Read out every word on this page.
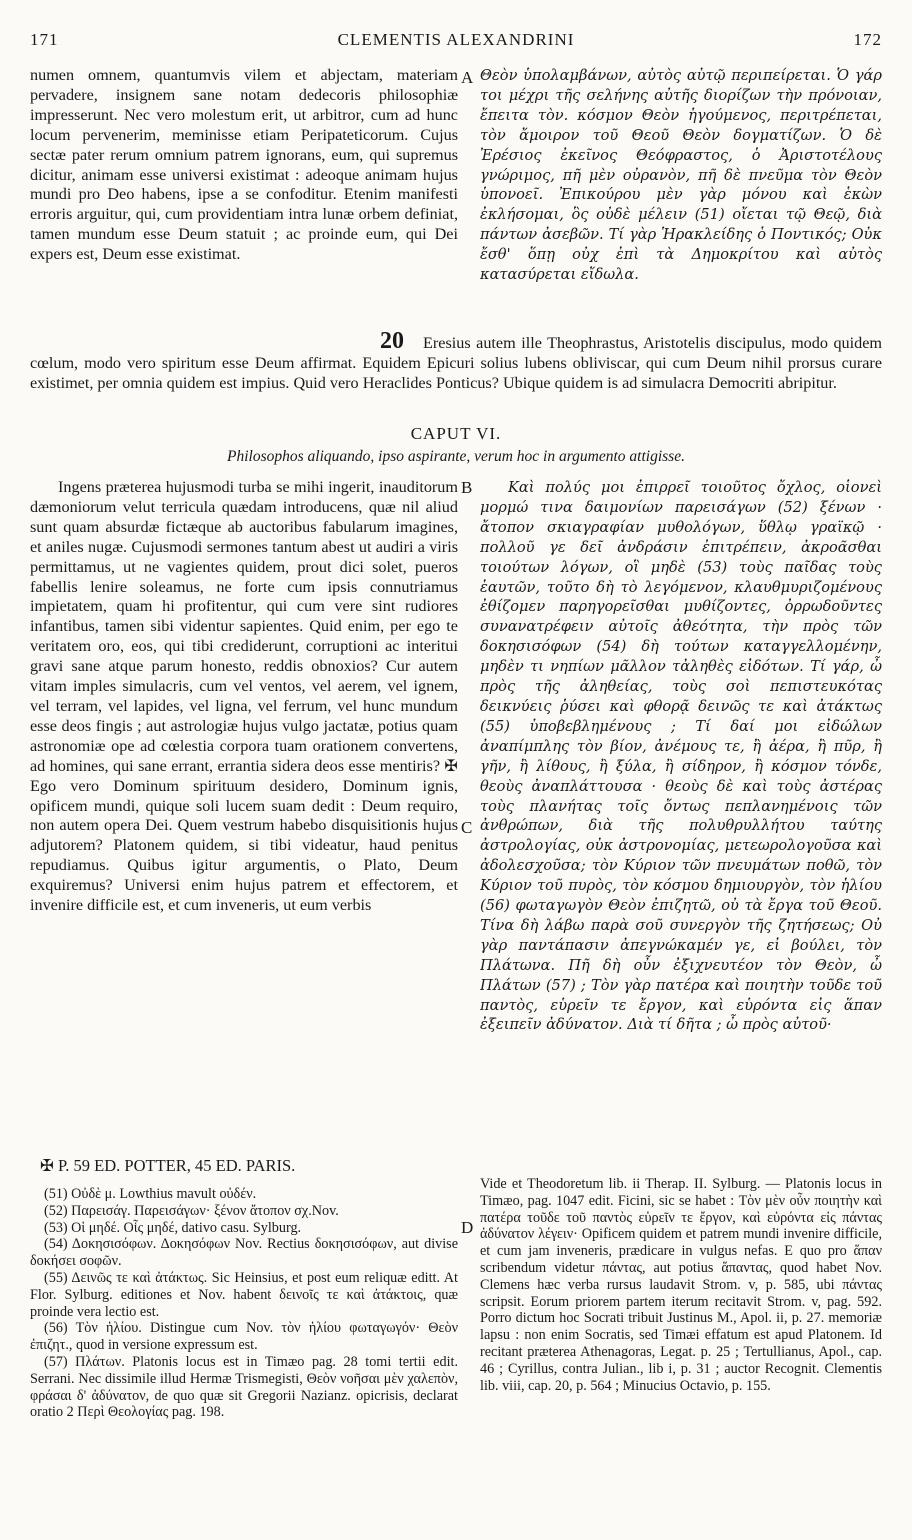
171	CLEMENTIS ALEXANDRINI	172

numen omnem, quantumvis vilem et abjectam, materiam pervadere, insignem sane notam dedecoris philosophiæ impresserunt. Nec vero molestum erit, ut arbitror, cum ad hunc locum pervenerim, meminisse etiam Peripateticorum. Cujus sectæ pater rerum omnium patrem ignorans, eum, qui supremus dicitur, animam esse universi existimat : adeoque animam hujus mundi pro Deo habens, ipse a se confoditur. Etenim manifesti erroris arguitur, qui, cum providentiam intra lunæ orbem definiat, tamen mundum esse Deum statuit ; ac proinde eum, qui Dei expers est, Deum esse existimat.

A Θεὸν ὑπολαμβάνων, αὐτὸς αὑτῷ περιπείρεται. Ὁ γάρ τοι μέχρι τῆς σελήνης αὐτῆς διορίζων τὴν πρόνοιαν, ἔπειτα τὸν. κόσμον Θεὸν ἡγούμενος, περιτρέπεται, τὸν ἄμοιρον τοῦ Θεοῦ Θεὸν δογματίζων. Ὁ δὲ Ἐρέσιος ἐκεῖνος Θεόφραστος, ὁ Ἀριστοτέλους γνώριμος, πῆ μὲν οὐρανὸν, πῆ δὲ πνεῦμα τὸν Θεὸν ὑπονοεῖ. Ἐπικούρου μὲν γὰρ μόνου καὶ ἑκὼν ἐκλήσομαι, ὃς οὐδὲ μέλειν (51) οἴεται τῷ Θεῷ, διὰ πάντων ἀσεβῶν. Τί γὰρ Ἡρακλείδης ὁ Ποντικός; Οὐκ ἔσθ' ὅπῃ οὐχ ἐπὶ τὰ Δημοκρίτου καὶ αὐτὸς κατασύρεται εἴδωλα.

20	Eresius autem ille Theophrastus, Aristotelis discipulus, modo quidem cœlum, modo vero spiritum esse Deum affirmat. Equidem Epicuri solius lubens obliviscar, qui cum Deum nihil prorsus curare existimet, per omnia quidem est impius. Quid vero Heraclides Ponticus? Ubique quidem is ad simulacra Democriti abripitur.

CAPUT VI.
Philosophos aliquando, ipso aspirante, verum hoc in argumento attigisse.

Ingens præterea hujusmodi turba se mihi ingerit, inauditorum dæmoniorum velut terricula quædam introducens, quæ nil aliud sunt quam absurdæ fictæque ab auctoribus fabularum imagines, et aniles nugæ. Cujusmodi sermones tantum abest ut audiri a viris permittamus, ut ne vagientes quidem, prout dici solet, pueros fabellis lenire soleamus, ne forte cum ipsis connutriamus impietatem, quam hi profitentur, qui cum vere sint rudiores infantibus, tamen sibi videntur sapientes. Quid enim, per ego te veritatem oro, eos, qui tibi crediderunt, corruptioni ac interitui gravi sane atque parum honesto, reddis obnoxios? Cur autem vitam imples simulacris, cum vel ventos, vel aerem, vel ignem, vel terram, vel lapides, vel ligna, vel ferrum, vel hunc mundum esse deos fingis ; aut astrologiæ hujus vulgo jactatæ, potius quam astronomiæ ope ad cœlestia corpora tuam orationem convertens, ad homines, qui sane errant, errantia sidera deos esse mentiris? ✠ Ego vero Dominum spirituum desidero, Dominum ignis, opificem mundi, quique soli lucem suam dedit : Deum requiro, non autem opera Dei. Quem vestrum habebo disquisitionis hujus adjutorem? Platonem quidem, si tibi videatur, haud penitus repudiamus. Quibus igitur argumentis, o Plato, Deum exquiremus? Universi enim hujus patrem et effectorem, et invenire difficile est, et cum inveneris, ut eum verbis

B
C

Καὶ πολύς μοι ἐπιρρεῖ τοιοῦτος ὄχλος, οἱονεὶ μορμώ τινα δαιμονίων παρεισάγων (52) ξένων · ἄτοπον σκιαγραφίαν μυθολόγων, ὕθλῳ γραϊκῷ · πολλοῦ γε δεῖ ἀνδράσιν ἐπιτρέπειν, ἀκροᾶσθαι τοιούτων λόγων, οἳ μηδὲ (53) τοὺς παῖδας τοὺς ἑαυτῶν, τοῦτο δὴ τὸ λεγόμενον, κλαυθμυριζομένους ἐθίζομεν παρηγορεῖσθαι μυθίζοντες, ὀρρωδοῦντες συνανατρέφειν αὐτοῖς ἀθεότητα, τὴν πρὸς τῶν δοκησισόφων (54) δὴ τούτων καταγγελλομένην, μηδὲν τι νηπίων μᾶλλον τἀληθὲς εἰδότων. Τί γάρ, ὦ πρὸς τῆς ἀληθείας, τοὺς σοὶ πεπιστευκότας δεικνύεις ῥύσει καὶ φθορᾷ δεινῶς τε καὶ ἀτάκτως (55) ὑποβεβλημένους ; Τί δαί μοι εἰδώλων ἀναπίμπλης τὸν βίον, ἀνέμους τε, ἢ ἀέρα, ἢ πῦρ, ἢ γῆν, ἢ λίθους, ἢ ξύλα, ἢ σίδηρον, ἢ κόσμον τόνδε, θεοὺς ἀναπλάττουσα · θεοὺς δὲ καὶ τοὺς ἀστέρας τοὺς πλανήτας τοῖς ὄντως πεπλανημένοις τῶν ἀνθρώπων, διὰ τῆς πολυθρυλλήτου ταύτης ἀστρολογίας, οὐκ ἀστρονομίας, μετεωρολογοῦσα καὶ ἀδολεσχοῦσα; τὸν Κύριον τῶν πνευμάτων ποθῶ, τὸν Κύριον τοῦ πυρὸς, τὸν κόσμου δημιουργὸν, τὸν ἡλίου (56) φωταγωγὸν Θεὸν ἐπιζητῶ, οὐ τὰ ἔργα τοῦ Θεοῦ. Τίνα δὴ λάβω παρὰ σοῦ συνεργὸν τῆς ζητήσεως; Οὐ γὰρ παντάπασιν ἀπεγνώκαμέν γε, εἰ βούλει, τὸν Πλάτωνα. Πῆ δὴ οὖν ἐξιχνευτέον τὸν Θεὸν, ὦ Πλάτων (57) ; Τὸν γὰρ πατέρα καὶ ποιητὴν τοῦδε τοῦ παντὸς, εὑρεῖν τε ἔργον, καὶ εὑρόντα εἰς ἅπαν ἐξειπεῖν ἀδύνατον. Διὰ τί δῆτα ; ὦ πρὸς αὐτοῦ·

✠ P. 59 ED. POTTER, 45 ED. PARIS.

(51) Οὐδὲ μ. Lowthius mavult οὐδέν.

(52) Παρεισάγ. Παρεισάγων· ξένον ἄτοπον σχ.Nov.

(53) Οἱ μηδέ. Οἷς μηδέ, dativo casu. Sylburg.

(54) Δοκησισόφων. Δοκησόφων Nov. Rectius δοκησισόφων, aut divise δοκήσει σοφῶν.

(55) Δεινῶς τε καὶ ἀτάκτως. Sic Heinsius, et post eum reliquæ editt. At Flor. Sylburg. editiones et Nov. habent δεινοῖς τε καὶ ἀτάκτοις, quæ proinde vera lectio est.

(56) Τὸν ἡλίου. Distingue cum Nov. τὸν ἡλίου φωταγωγόν· Θεὸν ἐπιζητ., quod in versione expressum est.

(57) Πλάτων. Platonis locus est in Timæo pag. 28 tomi tertii edit. Serrani. Nec dissimile illud Hermæ Trismegisti, Θεὸν νοῆσαι μὲν χαλεπὸν, φράσαι δ' ἀδύνατον, de quo quæ sit Gregorii Nazianz. opicrisis, declarat oratio 2 Περὶ Θεολογίας pag. 198.

D

Vide et Theodoretum lib. ii Therap. II. Sylburg. — Platonis locus in Timæo, pag. 1047 edit. Ficini, sic se habet : Τὸν μὲν οὖν ποιητὴν καὶ πατέρα τοῦδε τοῦ παντὸς εὑρεῖν τε ἔργον, καὶ εὑρόντα εἰς πάντας ἀδύνατον λέγειν· Opificem quidem et patrem mundi invenire difficile, et cum jam inveneris, prædicare in vulgus nefas. E quo pro ἅπαν scribendum videtur πάντας, aut potius ἅπαντας, quod habet Nov. Clemens hæc verba rursus laudavit Strom. v, p. 585, ubi πάντας scripsit. Eorum priorem partem iterum recitavit Strom. v, pag. 592. Porro dictum hoc Socrati tribuit Justinus M., Apol. ii, p. 27. memoriæ lapsu : non enim Socratis, sed Timæi effatum est apud Platonem. Id recitant præterea Athenagoras, Legat. p. 25 ; Tertullianus, Apol., cap. 46 ; Cyrillus, contra Julian., lib i, p. 31 ; auctor Recognit. Clementis lib. viii, cap. 20, p. 564 ; Minucius Octavio, p. 155.
